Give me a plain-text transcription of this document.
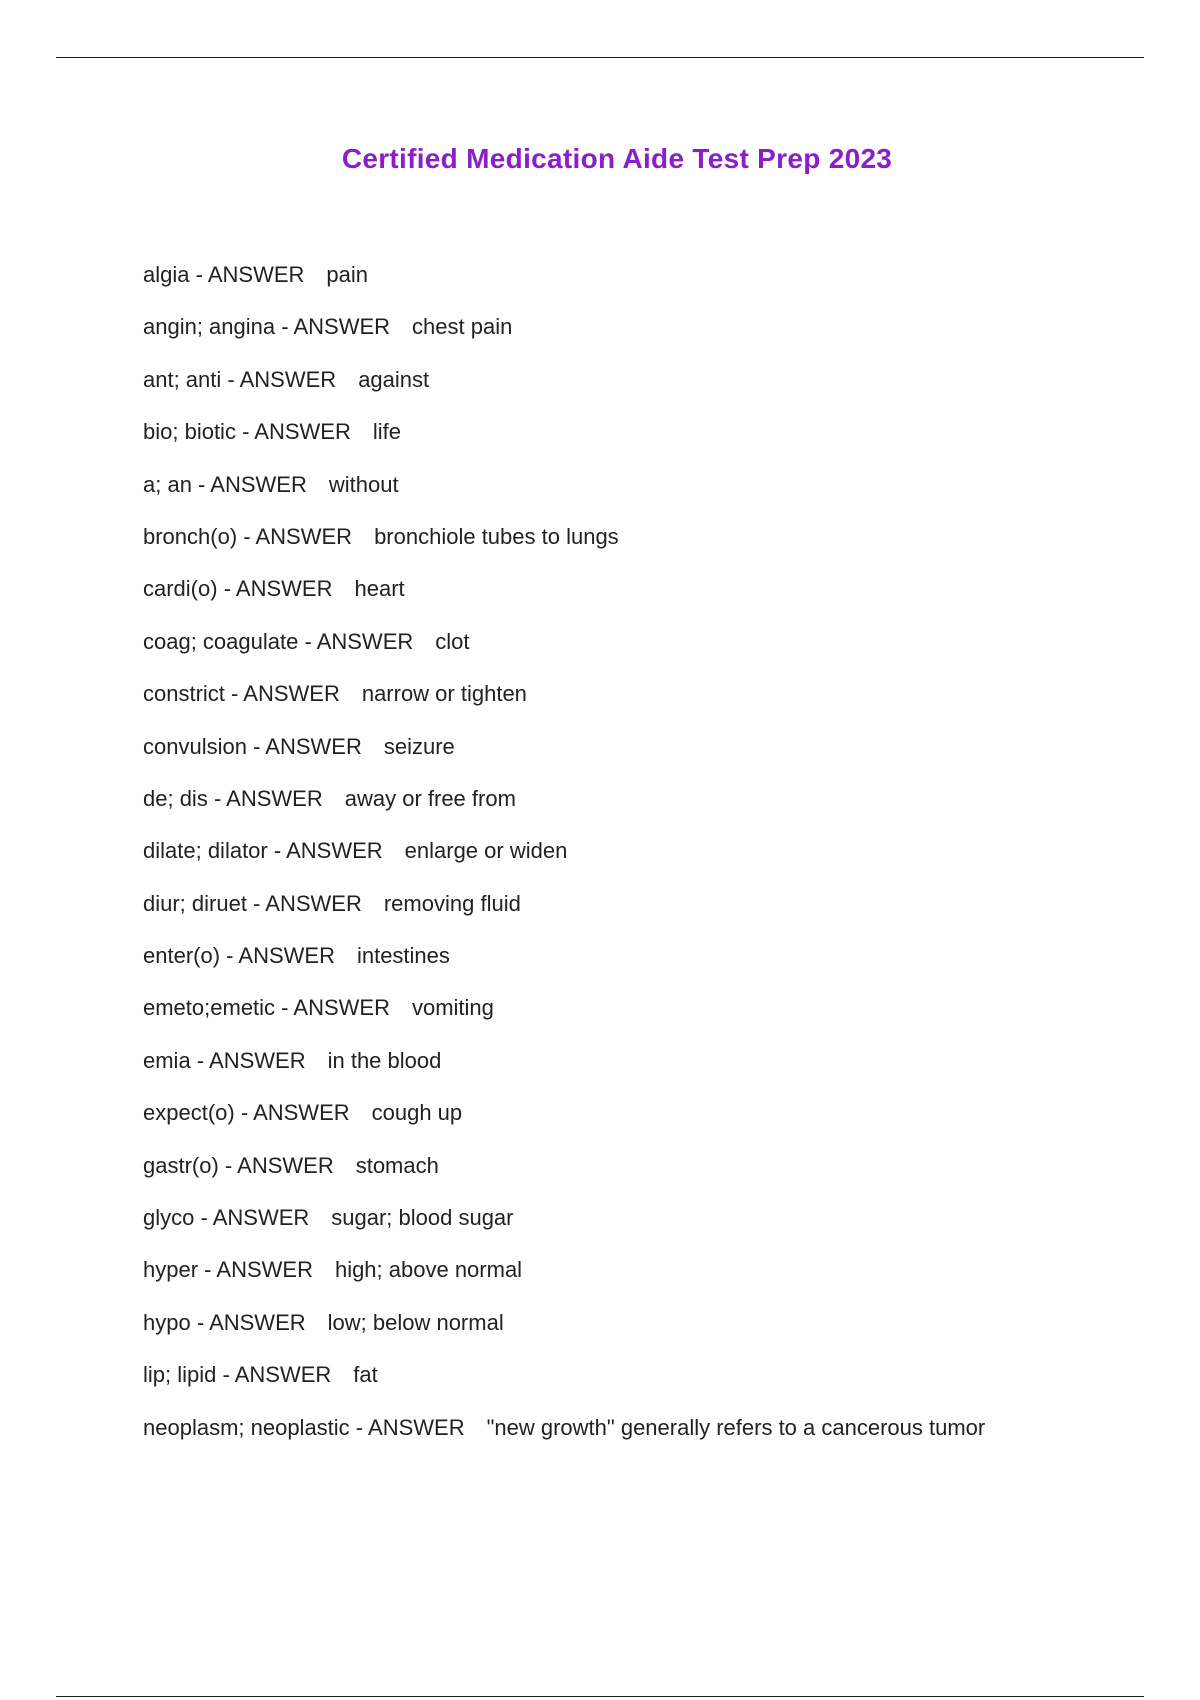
Certified Medication Aide Test Prep 2023
algia - ANSWER pain
angin; angina - ANSWER chest pain
ant; anti - ANSWER against
bio; biotic - ANSWER life
a; an - ANSWER without
bronch(o) - ANSWER bronchiole tubes to lungs
cardi(o) - ANSWER heart
coag; coagulate - ANSWER clot
constrict - ANSWER narrow or tighten
convulsion - ANSWER seizure
de; dis - ANSWER away or free from
dilate; dilator - ANSWER enlarge or widen
diur; diruet - ANSWER removing fluid
enter(o) - ANSWER intestines
emeto;emetic - ANSWER vomiting
emia - ANSWER in the blood
expect(o) - ANSWER cough up
gastr(o) - ANSWER stomach
glyco - ANSWER sugar; blood sugar
hyper - ANSWER high; above normal
hypo - ANSWER low; below normal
lip; lipid - ANSWER fat
neoplasm; neoplastic - ANSWER "new growth" generally refers to a cancerous tumor
